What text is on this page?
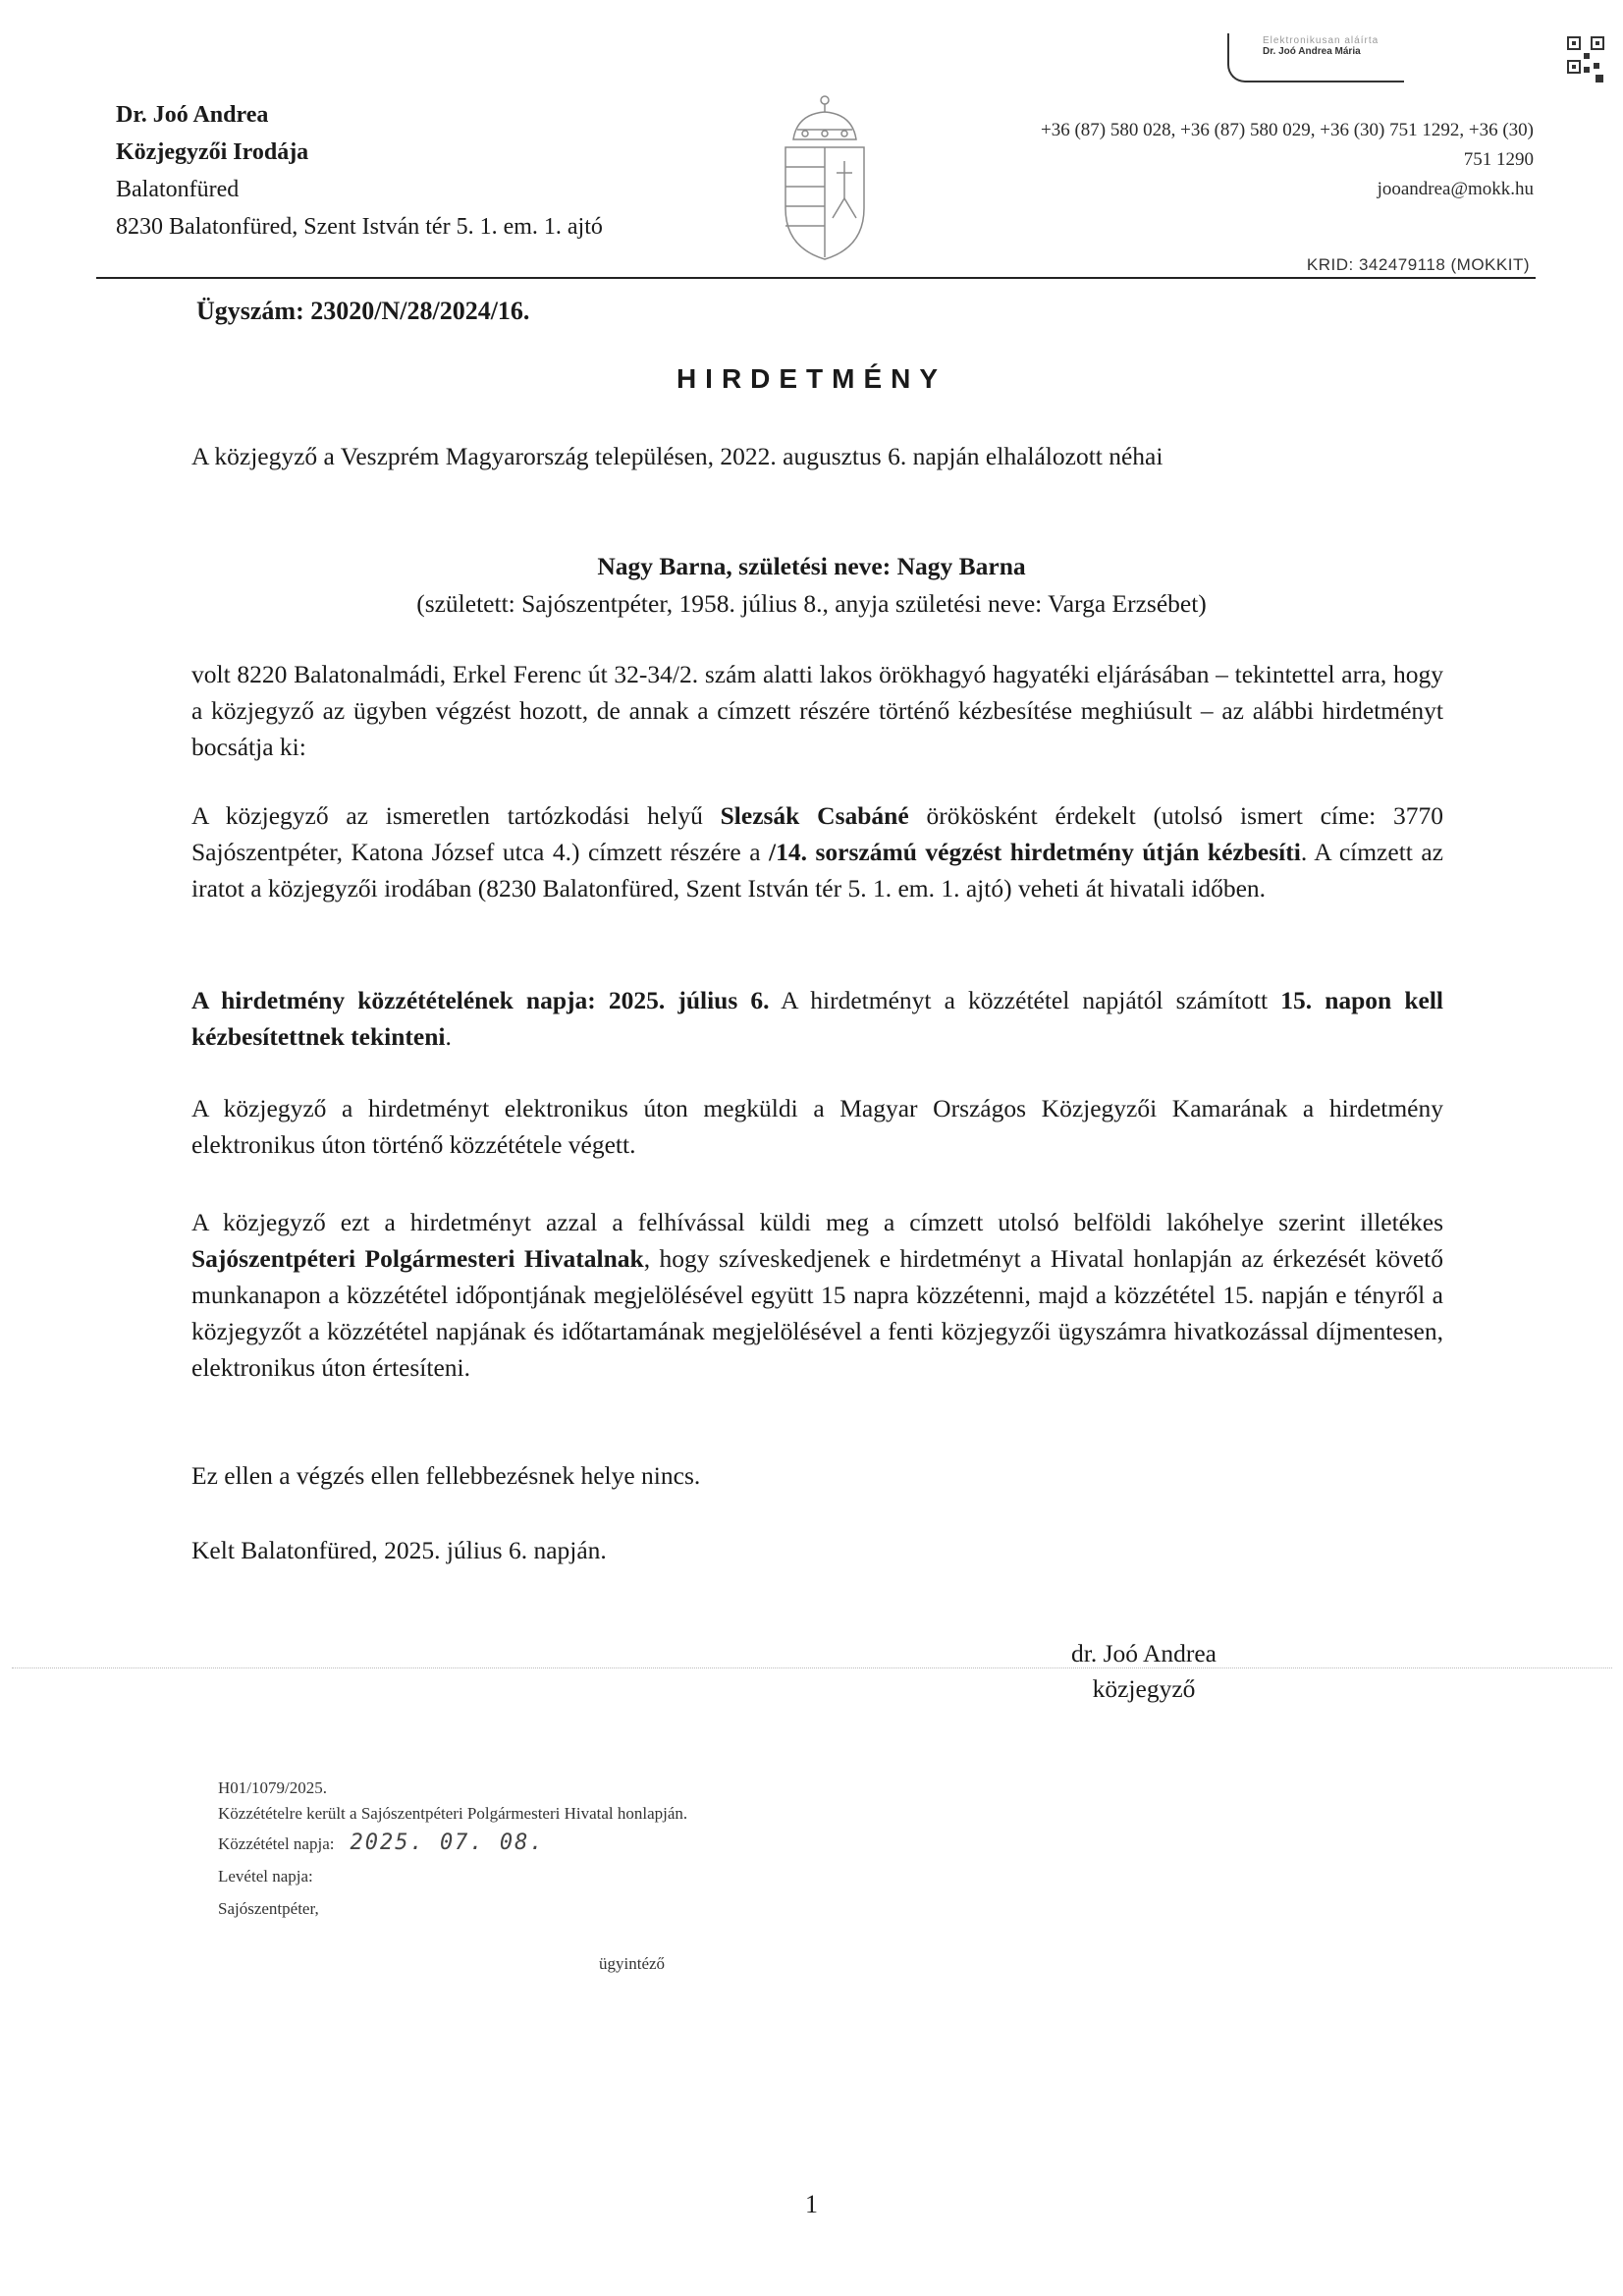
Elektronikusan aláírta
Dr. Joó Andrea Mária
Dr. Joó Andrea
Közjegyzői Irodája
Balatonfüred
8230 Balatonfüred, Szent István tér 5. 1. em. 1. ajtó
+36 (87) 580 028, +36 (87) 580 029, +36 (30) 751 1292, +36 (30)
751 1290
jooandrea@mokk.hu
KRID: 342479118 (MOKKIT)
Ügyszám: 23020/N/28/2024/16.
HIRDETMÉNY
A közjegyző a Veszprém Magyarország településen, 2022. augusztus 6. napján elhalálozott néhai
Nagy Barna, születési neve: Nagy Barna
(született: Sajószentpéter, 1958. július 8., anyja születési neve: Varga Erzsébet)
volt 8220 Balatonalmádi, Erkel Ferenc út 32-34/2. szám alatti lakos örökhagyó hagyatéki eljárásában – tekintettel arra, hogy a közjegyző az ügyben végzést hozott, de annak a címzett részére történő kézbesítése meghiúsult – az alábbi hirdetményt bocsátja ki:
A közjegyző az ismeretlen tartózkodási helyű Slezsák Csabáné örökösként érdekelt (utolsó ismert címe: 3770 Sajószentpéter, Katona József utca 4.) címzett részére a /14. sorszámú végzést hirdetmény útján kézbesíti. A címzett az iratot a közjegyzői irodában (8230 Balatonfüred, Szent István tér 5. 1. em. 1. ajtó) veheti át hivatali időben.
A hirdetmény közzétételének napja: 2025. július 6. A hirdetményt a közzététel napjától számított 15. napon kell kézbesítettnek tekinteni.
A közjegyző a hirdetményt elektronikus úton megküldi a Magyar Országos Közjegyzői Kamarának a hirdetmény elektronikus úton történő közzététele végett.
A közjegyző ezt a hirdetményt azzal a felhívással küldi meg a címzett utolsó belföldi lakóhelye szerint illetékes Sajószentpéteri Polgármesteri Hivatalnak, hogy szíveskedjenek e hirdetményt a Hivatal honlapján az érkezését követő munkanapon a közzététel időpontjának megjelölésével együtt 15 napra közzétenni, majd a közzététel 15. napján e tényről a közjegyzőt a közzététel napjának és időtartamának megjelölésével a fenti közjegyzői ügyszámra hivatkozással díjmentesen, elektronikus úton értesíteni.
Ez ellen a végzés ellen fellebbezésnek helye nincs.
Kelt Balatonfüred, 2025. július 6. napján.
dr. Joó Andrea
közjegyző
H01/1079/2025.
Közzétételre került a Sajószentpéteri Polgármesteri Hivatal honlapján.
Közzététel napja: 2025. 07. 08.
Levétel napja:
Sajószentpéter,
ügyintéző
1
